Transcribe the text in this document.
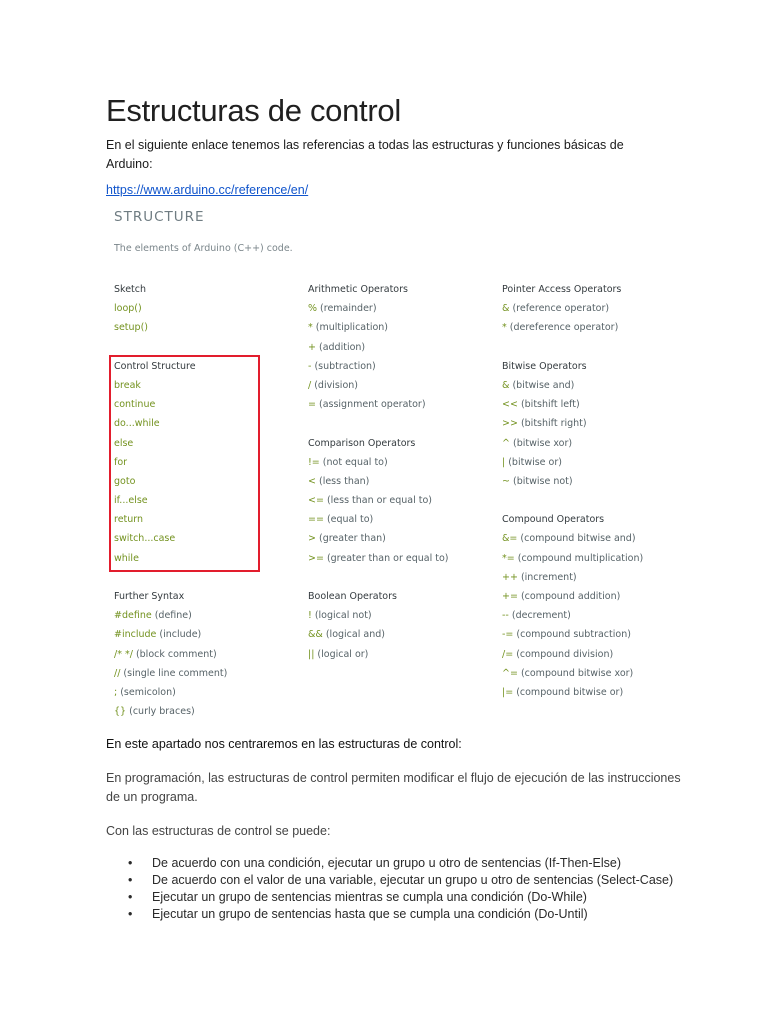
Estructuras de control
En el siguiente enlace tenemos las referencias a todas las estructuras y funciones básicas de Arduino:
https://www.arduino.cc/reference/en/
STRUCTURE
The elements of Arduino (C++) code.
Sketch
loop()
setup()
Control Structure
break
continue
do...while
else
for
goto
if...else
return
switch...case
while
Further Syntax
#define (define)
#include (include)
/* */ (block comment)
// (single line comment)
; (semicolon)
{} (curly braces)
Arithmetic Operators
% (remainder)
* (multiplication)
+ (addition)
- (subtraction)
/ (division)
= (assignment operator)
Comparison Operators
!= (not equal to)
< (less than)
<= (less than or equal to)
== (equal to)
> (greater than)
>= (greater than or equal to)
Boolean Operators
! (logical not)
&& (logical and)
|| (logical or)
Pointer Access Operators
& (reference operator)
* (dereference operator)
Bitwise Operators
& (bitwise and)
<< (bitshift left)
>> (bitshift right)
^ (bitwise xor)
| (bitwise or)
~ (bitwise not)
Compound Operators
&= (compound bitwise and)
*= (compound multiplication)
++ (increment)
+= (compound addition)
-- (decrement)
-= (compound subtraction)
/= (compound division)
^= (compound bitwise xor)
|= (compound bitwise or)

En este apartado nos centraremos en las estructuras de control:

En programación, las estructuras de control permiten modificar el flujo de ejecución de las instrucciones de un programa.

Con las estructuras de control se puede:

• De acuerdo con una condición, ejecutar un grupo u otro de sentencias (If-Then-Else)
• De acuerdo con el valor de una variable, ejecutar un grupo u otro de sentencias (Select-Case)
• Ejecutar un grupo de sentencias mientras se cumpla una condición (Do-While)
• Ejecutar un grupo de sentencias hasta que se cumpla una condición (Do-Until)
